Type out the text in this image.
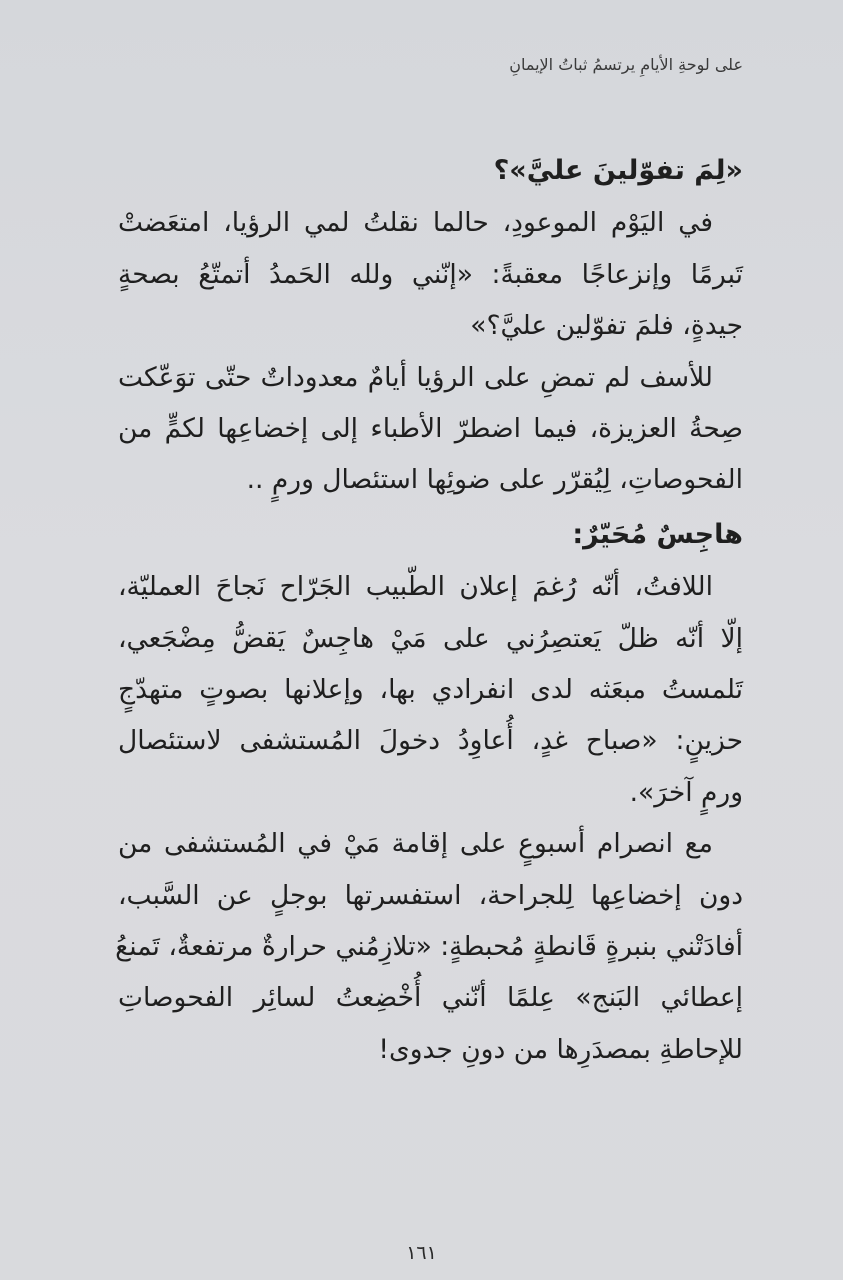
على لوحةِ الأيامِ يرتسمُ ثباتُ الإيمانِ
«لِمَ تفوّلينَ عليَّ»؟
في اليَوْم الموعودِ، حالما نقلتُ لمي الرؤيا، امتعَضتْ
تَبرمًا وإنزعاجًا معقبةً: «إنّني ولله الحَمدُ أتمتّعُ بصحةٍ
جيدةٍ، فلمَ تفوّلين عليَّ؟»
للأسف لم تمضِ على الرؤيا أيامٌ معدوداتٌ حتّى توَعّكت
صِحةُ العزيزة، فيما اضطرّ الأطباء إلى إخضاعِها لكمٍّ من
الفحوصاتِ، لِيُقرّر على ضوئِها استئصال ورمٍ ..
هاجِسٌ مُحَيّرٌ:
اللافتُ، أنّه رُغمَ إعلان الطّبيب الجَرّاح نَجاحَ العمليّة،
إلّا أنّه ظلّ يَعتصِرُني على مَيْ هاجِسٌ يَقضُّ مِضْجَعي،
تَلمستُ مبعَثه لدى انفرادي بها، وإعلانها بصوتٍ متهدّجٍ
حزينٍ: «صباح غدٍ، أُعاوِدُ دخولَ المُستشفى لاستئصال
ورمٍ آخرَ».
مع انصرام أسبوعٍ على إقامة مَيْ في المُستشفى من
دون إخضاعِها لِلجراحة، استفسرتها بوجلٍ عن السَّبب،
أفادَتْني بنبرةٍ قَانطةٍ مُحبطةٍ: «تلازِمُني حرارةٌ مرتفعةٌ، تَمنعُ
إعطائي البَنج» عِلمًا أنّني أُخْضِعتُ لسائِر الفحوصاتِ
للإحاطةِ بمصدَرِها من دونِ جدوى!
١٦١
